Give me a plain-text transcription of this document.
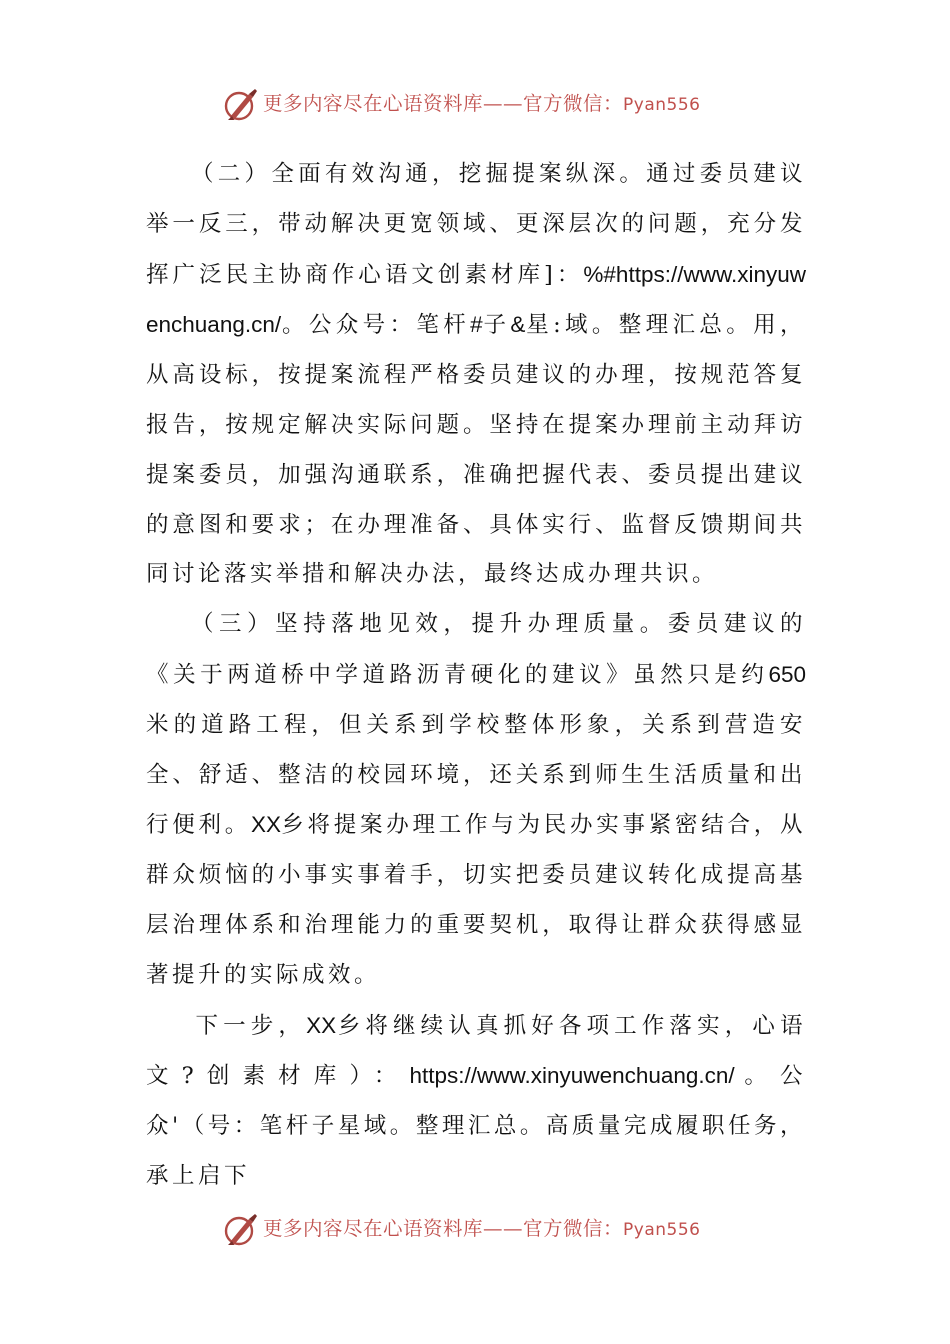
更多内容尽在心语资料库——官方微信：Pyan556

（二）全面有效沟通，挖掘提案纵深。通过委员建议举一反三，带动解决更宽领域、更深层次的问题，充分发挥广泛民主协商作心语文创素材库]：%#https://www.xinyuwenchuang.cn/。公众号：笔杆#子&星:域。整理汇总。用，从高设标，按提案流程严格委员建议的办理，按规范答复报告，按规定解决实际问题。坚持在提案办理前主动拜访提案委员，加强沟通联系，准确把握代表、委员提出建议的意图和要求；在办理准备、具体实行、监督反馈期间共同讨论落实举措和解决办法，最终达成办理共识。

（三）坚持落地见效，提升办理质量。委员建议的《关于两道桥中学道路沥青硬化的建议》虽然只是约650米的道路工程，但关系到学校整体形象，关系到营造安全、舒适、整洁的校园环境，还关系到师生生活质量和出行便利。XX乡将提案办理工作与为民办实事紧密结合，从群众烦恼的小事实事着手，切实把委员建议转化成提高基层治理体系和治理能力的重要契机，取得让群众获得感显著提升的实际成效。

下一步，XX乡将继续认真抓好各项工作落实，心语文?创素材库）：https://www.xinyuwenchuang.cn/。公众'（号：笔杆子星域。整理汇总。高质量完成履职任务，承上启下

更多内容尽在心语资料库——官方微信：Pyan556
